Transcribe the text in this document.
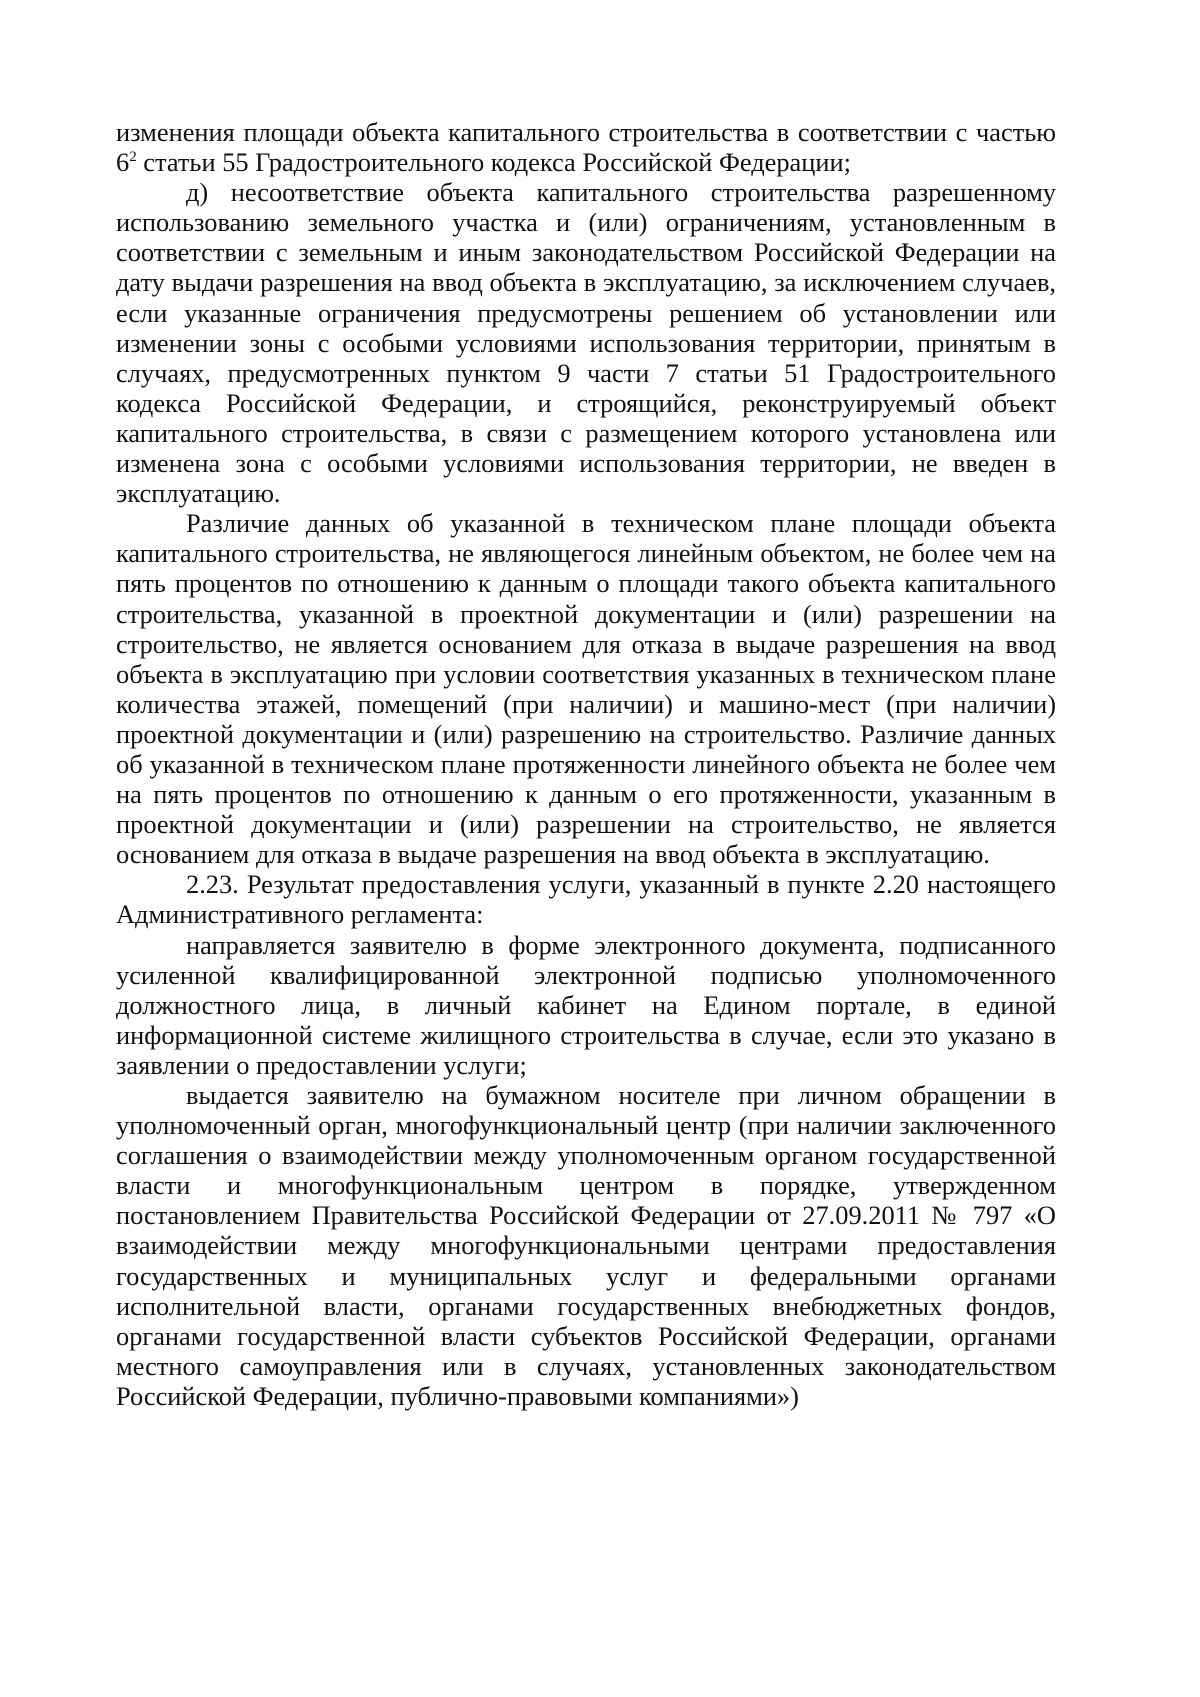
изменения площади объекта капитального строительства в соответствии с частью $6^2$ статьи 55 Градостроительного кодекса Российской Федерации;

д) несоответствие объекта капитального строительства разрешенному использованию земельного участка и (или) ограничениям, установленным в соответствии с земельным и иным законодательством Российской Федерации на дату выдачи разрешения на ввод объекта в эксплуатацию, за исключением случаев, если указанные ограничения предусмотрены решением об установлении или изменении зоны с особыми условиями использования территории, принятым в случаях, предусмотренных пунктом 9 части 7 статьи 51 Градостроительного кодекса Российской Федерации, и строящийся, реконструируемый объект капитального строительства, в связи с размещением которого установлена или изменена зона с особыми условиями использования территории, не введен в эксплуатацию.

Различие данных об указанной в техническом плане площади объекта капитального строительства, не являющегося линейным объектом, не более чем на пять процентов по отношению к данным о площади такого объекта капитального строительства, указанной в проектной документации и (или) разрешении на строительство, не является основанием для отказа в выдаче разрешения на ввод объекта в эксплуатацию при условии соответствия указанных в техническом плане количества этажей, помещений (при наличии) и машино-мест (при наличии) проектной документации и (или) разрешению на строительство. Различие данных об указанной в техническом плане протяженности линейного объекта не более чем на пять процентов по отношению к данным о его протяженности, указанным в проектной документации и (или) разрешении на строительство, не является основанием для отказа в выдаче разрешения на ввод объекта в эксплуатацию.

2.23. Результат предоставления услуги, указанный в пункте 2.20 настоящего Административного регламента:

направляется заявителю в форме электронного документа, подписанного усиленной квалифицированной электронной подписью уполномоченного должностного лица, в личный кабинет на Едином портале, в единой информационной системе жилищного строительства в случае, если это указано в заявлении о предоставлении услуги;

выдается заявителю на бумажном носителе при личном обращении в уполномоченный орган, многофункциональный центр (при наличии заключенного соглашения о взаимодействии между уполномоченным органом государственной власти и многофункциональным центром в порядке, утвержденном постановлением Правительства Российской Федерации от 27.09.2011 № 797 «О взаимодействии между многофункциональными центрами предоставления государственных и муниципальных услуг и федеральными органами исполнительной власти, органами государственных внебюджетных фондов, органами государственной власти субъектов Российской Федерации, органами местного самоуправления или в случаях, установленных законодательством Российской Федерации, публично-правовыми компаниями»)
